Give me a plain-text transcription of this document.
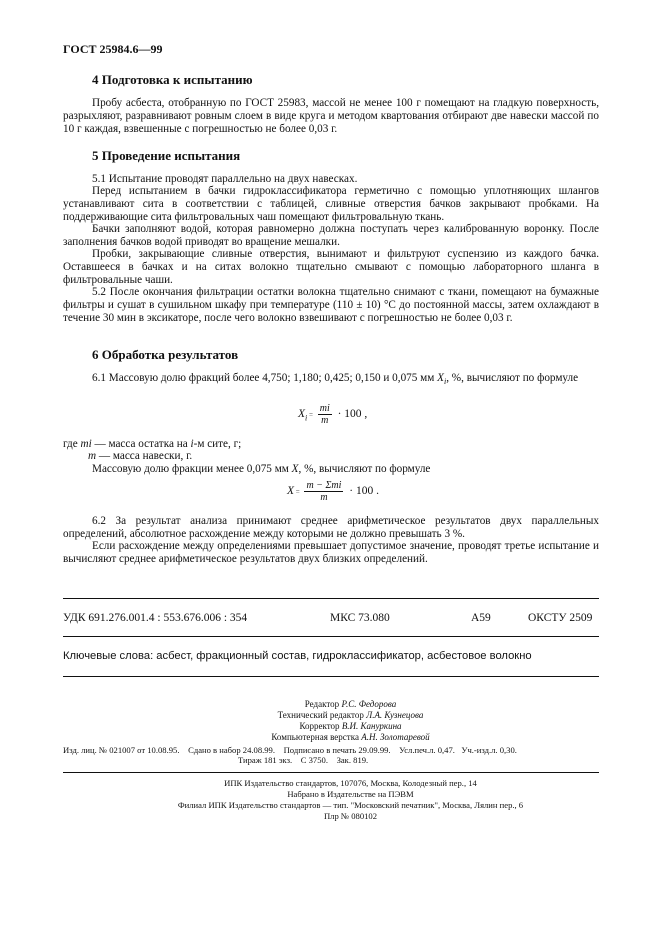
ГОСТ 25984.6—99
4 Подготовка к испытанию

Пробу асбеста, отобранную по ГОСТ 25983, массой не менее 100 г помещают на гладкую поверхность, разрыхляют, разравнивают ровным слоем в виде круга и методом квартования отбирают две навески массой по 10 г каждая, взвешенные с погрешностью не более 0,03 г.

5 Проведение испытания

5.1 Испытание проводят параллельно на двух навесках.

Перед испытанием в бачки гидроклассификатора герметично с помощью уплотняющих шлангов устанавливают сита в соответствии с таблицей, сливные отверстия бачков закрывают пробками. На поддерживающие сита фильтровальных чаш помещают фильтровальную ткань.

Бачки заполняют водой, которая равномерно должна поступать через калиброванную воронку. После заполнения бачков водой приводят во вращение мешалки.

Пробки, закрывающие сливные отверстия, вынимают и фильтруют суспензию из каждого бачка. Оставшееся в бачках и на ситах волокно тщательно смывают с помощью лабораторного шланга в фильтровальные чаши.

5.2 После окончания фильтрации остатки волокна тщательно снимают с ткани, помещают на бумажные фильтры и сушат в сушильном шкафу при температуре (110 ± 10) °С до постоянной массы, затем охлаждают в течение 30 мин в эксикаторе, после чего волокно взвешивают с погрешностью не более 0,03 г.

6 Обработка результатов

6.1 Массовую долю фракций более 4,750; 1,180; 0,425; 0,150 и 0,075 мм $X_i$, %, вычисляют по формуле

$X_i = \frac{mi}{m} \cdot 100$ ,
где mi — масса остатка на i-м сите, г;
m — масса навески, г.

Массовую долю фракции менее 0,075 мм X, %, вычисляют по формуле

$X = \frac{\text{m − Σmi}}{m} \cdot 100$ .

6.2 За результат анализа принимают среднее арифметическое результатов двух параллельных определений, абсолютное расхождение между которыми не должно превышать 3 %.

Если расхождение между определениями превышает допустимое значение, проводят третье испытание и вычисляют среднее арифметическое результатов двух близких определений.

УДК 691.276.001.4 : 553.676.006 : 354	МКС 73.080	А59	ОКСТУ 2509
Ключевые слова: асбест, фракционный состав, гидроклассификатор, асбестовое волокно
Редактор Р.С. Федорова
Технический редактор Л.А. Кузнецова
Корректор В.И. Кануркина
Компьютерная верстка А.Н. Золотаревой
Изд. лиц. № 021007 от 10.08.95.    Сдано в набор 24.08.99.    Подписано в печать 29.09.99.    Усл.печ.л. 0,47.   Уч.-изд.л. 0,30.
Тираж 181 экз.    С 3750.    Зак. 819.
ИПК Издательство стандартов, 107076, Москва, Колодезный пер., 14
Набрано в Издательстве на ПЭВМ
Филиал ИПК Издательство стандартов — тип. "Московский печатник", Москва, Лялин пер., 6
Плр № 080102
